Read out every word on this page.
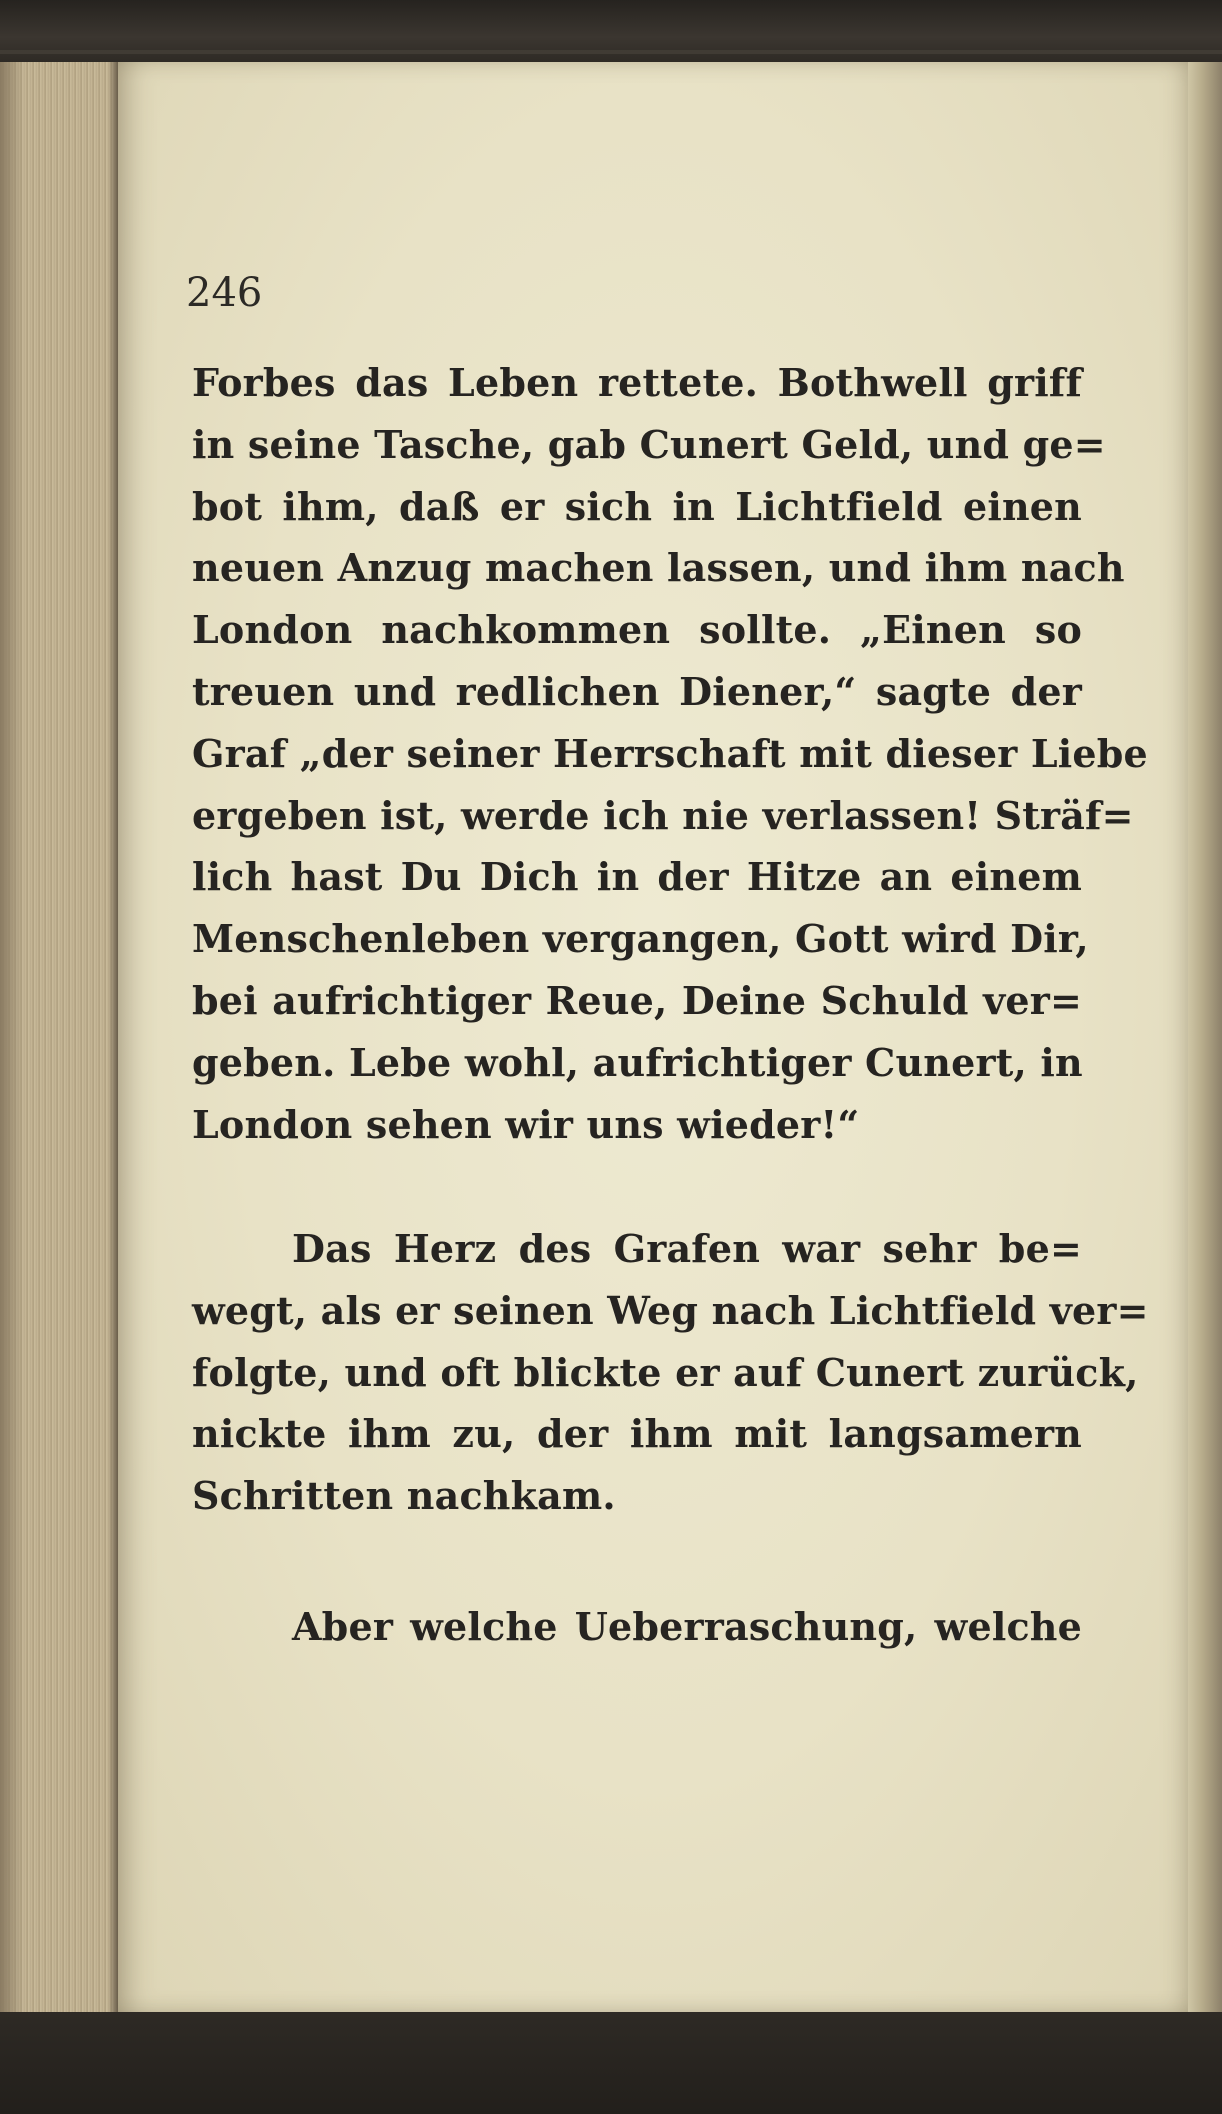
246

Forbes das Leben rettete. Bothwell griff
in seine Tasche, gab Cunert Geld, und ge=
bot ihm, daß er sich in Lichtfield einen
neuen Anzug machen lassen, und ihm nach
London nachkommen sollte. „Einen so
treuen und redlichen Diener,“ sagte der
Graf „der seiner Herrschaft mit dieser Liebe
ergeben ist, werde ich nie verlassen! Sträf=
lich hast Du Dich in der Hitze an einem
Menschenleben vergangen, Gott wird Dir,
bei aufrichtiger Reue, Deine Schuld ver=
geben. Lebe wohl, aufrichtiger Cunert, in
London sehen wir uns wieder!“
Das Herz des Grafen war sehr be=
wegt, als er seinen Weg nach Lichtfield ver=
folgte, und oft blickte er auf Cunert zurück,
nickte ihm zu, der ihm mit langsamern
Schritten nachkam.
Aber welche Ueberraschung, welche
